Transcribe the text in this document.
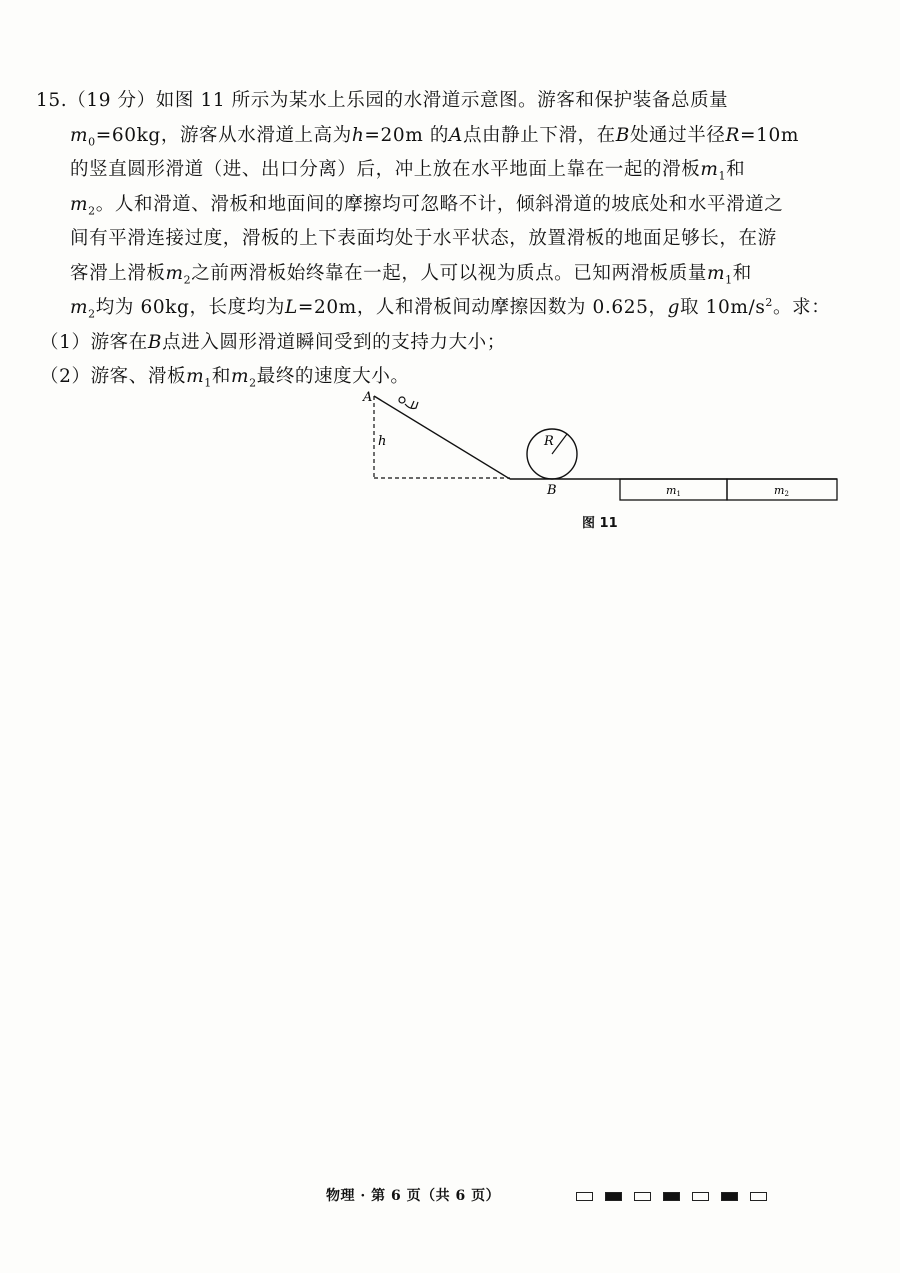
15.（19 分）如图 11 所示为某水上乐园的水滑道示意图。游客和保护装备总质量

$m_0=60kg$，游客从水滑道上高为h=20m 的A点由静止下滑，在B处通过半径R=10m

的竖直圆形滑道（进、出口分离）后，冲上放在水平地面上靠在一起的滑板$m_1$和

$m_2$。人和滑道、滑板和地面间的摩擦均可忽略不计，倾斜滑道的坡底处和水平滑道之

间有平滑连接过度，滑板的上下表面均处于水平状态，放置滑板的地面足够长，在游

客滑上滑板$m_2$之前两滑板始终靠在一起，人可以视为质点。已知两滑板质量$m_1$和

$m_2$均为 60kg，长度均为L=20m，人和滑板间动摩擦因数为 0.625，g取 $10m/s^2$。求：

（1）游客在B点进入圆形滑道瞬间受到的支持力大小；

（2）游客、滑板$m_1$和$m_2$最终的速度大小。

A
h	R
B	m1	m2
图 11
物理 · 第 6 页（共 6 页）
